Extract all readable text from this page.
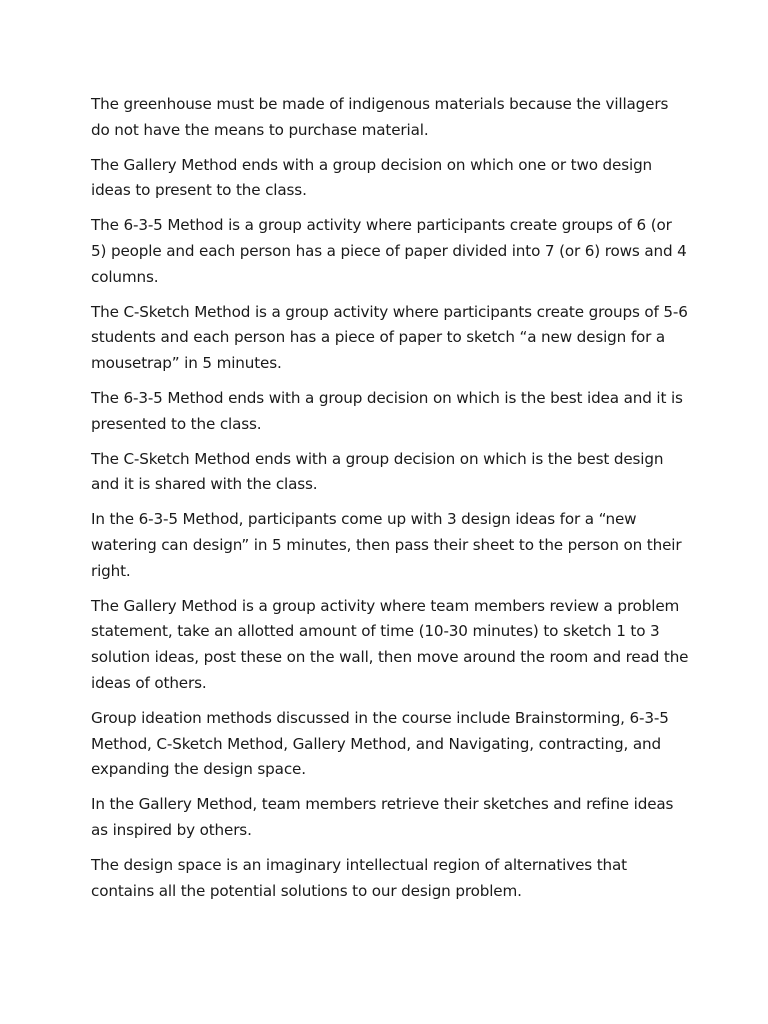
The greenhouse must be made of indigenous materials because the villagers do not have the means to purchase material.

The Gallery Method ends with a group decision on which one or two design ideas to present to the class.

The 6-3-5 Method is a group activity where participants create groups of 6 (or 5) people and each person has a piece of paper divided into 7 (or 6) rows and 4 columns.

The C-Sketch Method is a group activity where participants create groups of 5-6 students and each person has a piece of paper to sketch “a new design for a mousetrap” in 5 minutes.

The 6-3-5 Method ends with a group decision on which is the best idea and it is presented to the class.

The C-Sketch Method ends with a group decision on which is the best design and it is shared with the class.

In the 6-3-5 Method, participants come up with 3 design ideas for a “new watering can design” in 5 minutes, then pass their sheet to the person on their right.

The Gallery Method is a group activity where team members review a problem statement, take an allotted amount of time (10-30 minutes) to sketch 1 to 3 solution ideas, post these on the wall, then move around the room and read the ideas of others.

Group ideation methods discussed in the course include Brainstorming, 6-3-5 Method, C-Sketch Method, Gallery Method, and Navigating, contracting, and expanding the design space.

In the Gallery Method, team members retrieve their sketches and refine ideas as inspired by others.

The design space is an imaginary intellectual region of alternatives that contains all the potential solutions to our design problem.
